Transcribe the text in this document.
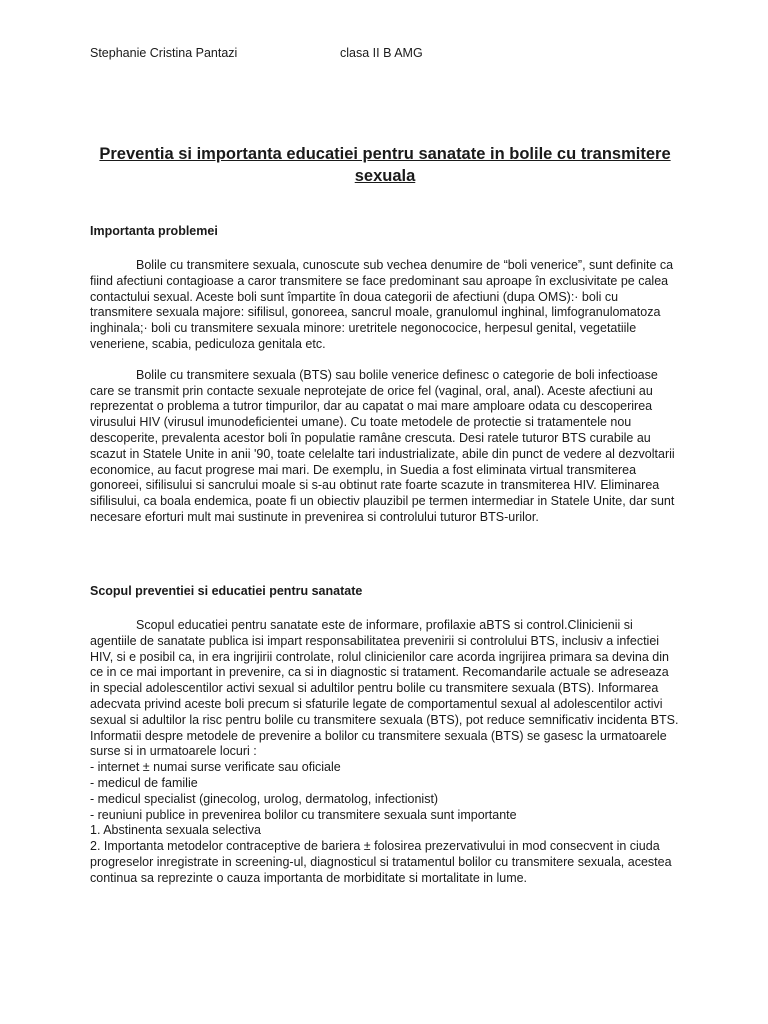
Stephanie Cristina Pantazi	clasa II B AMG
Preventia si importanta educatiei pentru sanatate in bolile cu transmitere sexuala
Importanta problemei

Bolile cu transmitere sexuala, cunoscute sub vechea denumire de “boli venerice”, sunt definite ca fiind afectiuni contagioase a caror transmitere se face predominant sau aproape în exclusivitate pe calea contactului sexual. Aceste boli sunt împartite în doua categorii de afectiuni (dupa OMS):· boli cu transmitere sexuala majore: sifilisul, gonoreea, sancrul moale, granulomul inghinal, limfogranulomatoza inghinala;· boli cu transmitere sexuala minore: uretritele negonococice, herpesul genital, vegetatiile veneriene, scabia, pediculoza genitala etc.

Bolile cu transmitere sexuala (BTS) sau bolile venerice definesc o categorie de boli infectioase care se transmit prin contacte sexuale neprotejate de orice fel (vaginal, oral, anal). Aceste afectiuni au reprezentat o problema a tutror timpurilor, dar au capatat o mai mare amploare odata cu descoperirea virusului HIV (virusul imunodeficientei umane). Cu toate metodele de protectie si tratamentele nou descoperite, prevalenta acestor boli în populatie ramâne crescuta. Desi ratele tuturor BTS curabile au scazut in Statele Unite in anii '90, toate celelalte tari industrializate, abile din punct de vedere al dezvoltarii economice, au facut progrese mai mari. De exemplu, in Suedia a fost eliminata virtual transmiterea gonoreei, sifilisului si sancrului moale si s-au obtinut rate foarte scazute in transmiterea HIV. Eliminarea sifilisului, ca boala endemica, poate fi un obiectiv plauzibil pe termen intermediar in Statele Unite, dar sunt necesare eforturi mult mai sustinute in prevenirea si controlului tuturor BTS-urilor.

Scopul preventiei si educatiei pentru sanatate

Scopul educatiei pentru sanatate este de informare, profilaxie aBTS si control.Clinicienii si agentiile de sanatate publica isi impart responsabilitatea prevenirii si controlului BTS, inclusiv a infectiei HIV, si e posibil ca, in era ingrijirii controlate, rolul clinicienilor care acorda ingrijirea primara sa devina din ce in ce mai important in prevenire, ca si in diagnostic si tratament. Recomandarile actuale se adreseaza in special adolescentilor activi sexual si adultilor pentru bolile cu transmitere sexuala (BTS). Informarea adecvata privind aceste boli precum si sfaturile legate de comportamentul sexual al adolescentilor activi sexual si adultilor la risc pentru bolile cu transmitere sexuala (BTS), pot reduce semnificativ incidenta BTS. Informatii despre metodele de prevenire a bolilor cu transmitere sexuala (BTS) se gasesc la urmatoarele surse si in urmatoarele locuri :

- internet ± numai surse verificate sau oficiale
- medicul de familie
- medicul specialist (ginecolog, urolog, dermatolog, infectionist)
- reuniuni publice in prevenirea bolilor cu transmitere sexuala sunt importante
1. Abstinenta sexuala selectiva
2. Importanta metodelor contraceptive de bariera ± folosirea prezervativului in mod consecvent in ciuda progreselor inregistrate in screening-ul, diagnosticul si tratamentul bolilor cu transmitere sexuala, acestea continua sa reprezinte o cauza importanta de morbiditate si mortalitate in lume.
